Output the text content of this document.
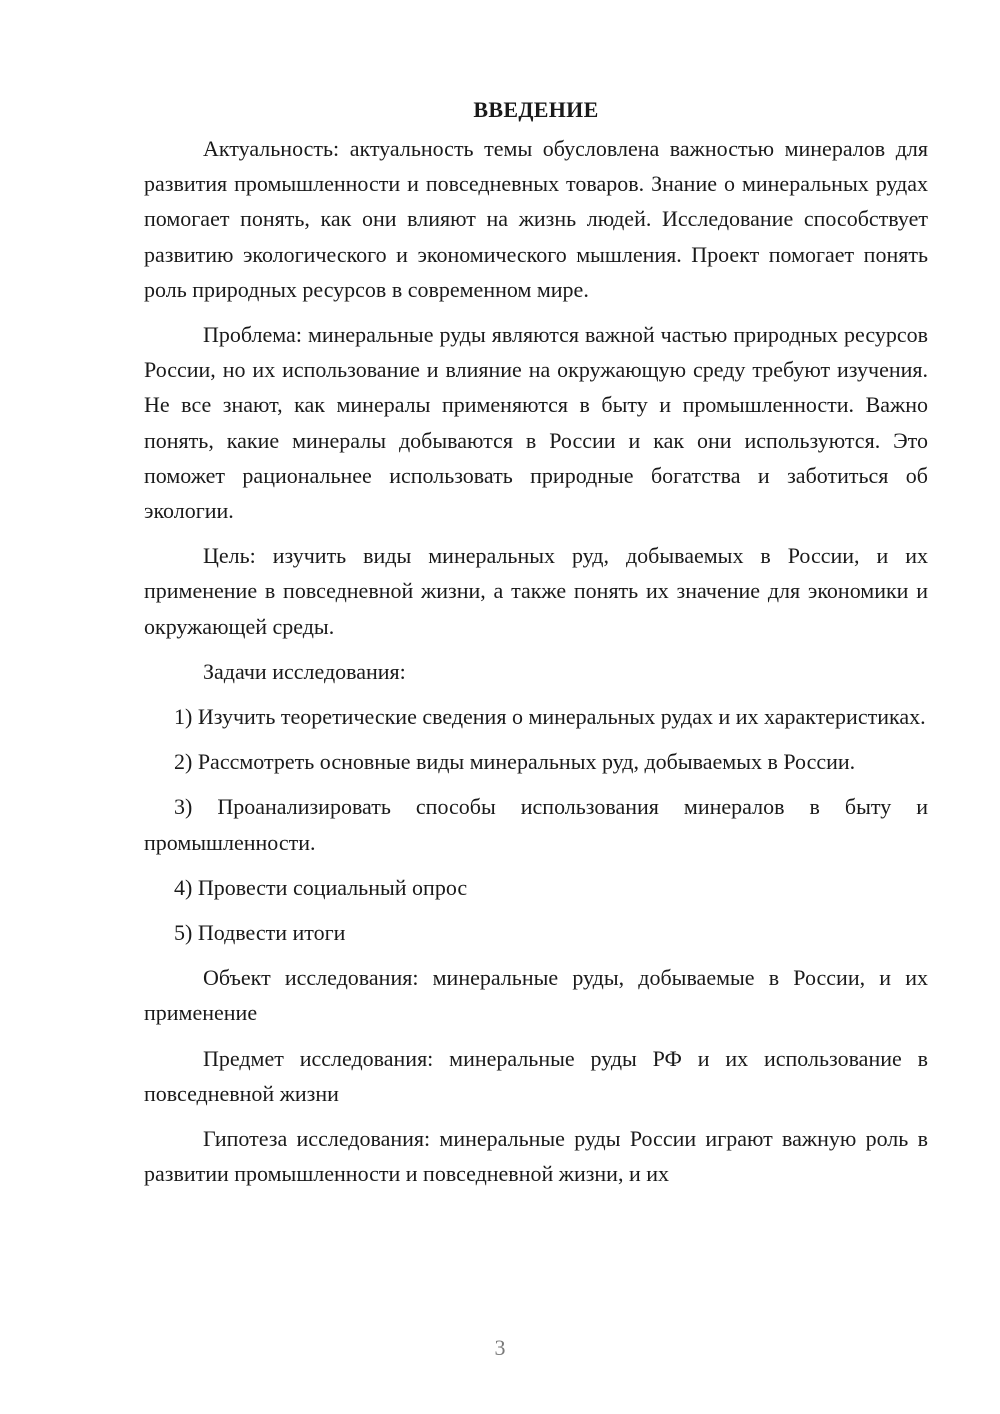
ВВЕДЕНИЕ

Актуальность: актуальность темы обусловлена важностью минералов для развития промышленности и повседневных товаров. Знание о минеральных рудах помогает понять, как они влияют на жизнь людей. Исследование способствует развитию экологического и экономического мышления. Проект помогает понять роль природных ресурсов в современном мире.

Проблема: минеральные руды являются важной частью природных ресурсов России, но их использование и влияние на окружающую среду требуют изучения. Не все знают, как минералы применяются в быту и промышленности. Важно понять, какие минералы добываются в России и как они используются. Это поможет рациональнее использовать природные богатства и заботиться об экологии.

Цель: изучить виды минеральных руд, добываемых в России, и их применение в повседневной жизни, а также понять их значение для экономики и окружающей среды.

Задачи исследования:

1) Изучить теоретические сведения о минеральных рудах и их характеристиках.

2) Рассмотреть основные виды минеральных руд, добываемых в России.

3) Проанализировать способы использования минералов в быту и промышленности.

4) Провести социальный опрос

5) Подвести итоги

Объект исследования: минеральные руды, добываемые в России, и их применение

Предмет исследования: минеральные руды РФ и их использование в повседневной жизни

Гипотеза исследования: минеральные руды России играют важную роль в развитии промышленности и повседневной жизни, и их

3
